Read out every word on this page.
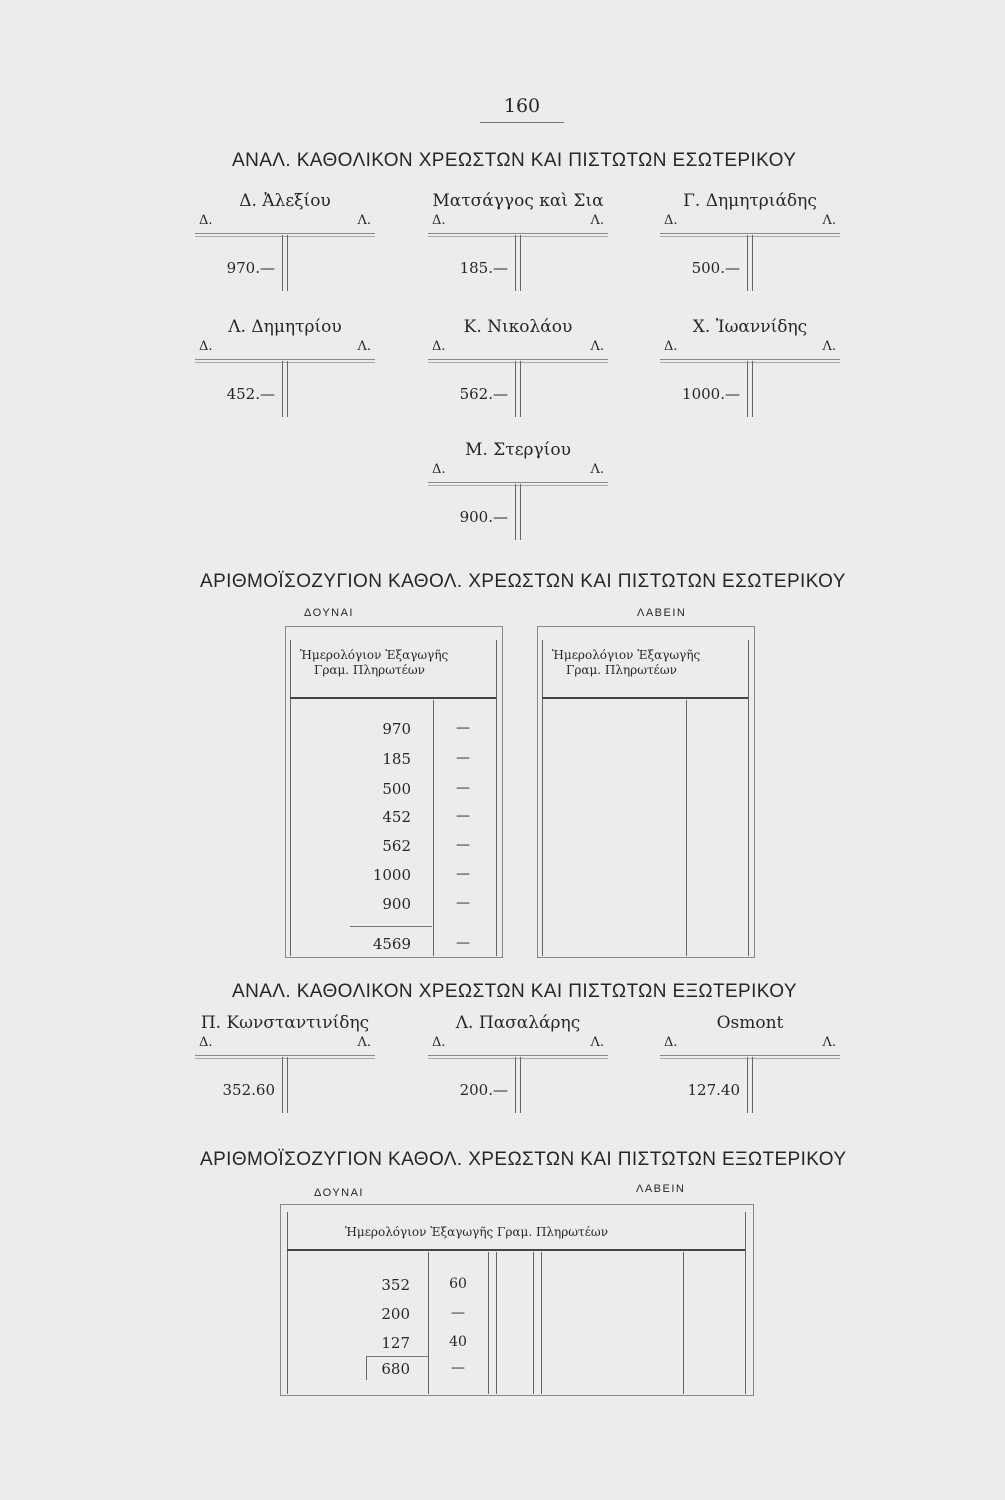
160
ΑΝΑΛ. ΚΑΘΟΛΙΚΟΝ ΧΡΕΩΣΤΩΝ ΚΑΙ ΠΙΣΤΩΤΩΝ ΕΣΩΤΕΡΙΚΟΥ
Δ. Ἀλεξίου
Δ.	Λ.
970.—
Ματσάγγος καὶ Σια
Δ.	Λ.
185.—
Γ. Δημητριάδης
Δ.	Λ.
500.—
Λ. Δημητρίου
Δ.	Λ.
452.—
Κ. Νικολάου
Δ.	Λ.
562.—
Χ. Ἰωαννίδης
Δ.	Λ.
1000.—
Μ. Στεργίου
Δ.	Λ.
900.—
ΑΡΙΘΜΟΪΣΟΖΥΓΙΟΝ ΚΑΘΟΛ. ΧΡΕΩΣΤΩΝ ΚΑΙ ΠΙΣΤΩΤΩΝ ΕΣΩΤΕΡΙΚΟΥ
ΔΟΥΝΑΙ	ΛΑΒΕΙΝ
Ἡμερολόγιον Ἐξαγωγῆς
Γραμ. Πληρωτέων
Ἡμερολόγιον Ἐξαγωγῆς
Γραμ. Πληρωτέων
970	—
185	—
500	—
452	—
562	—
1000	—
900	—
4569	—
ΑΝΑΛ. ΚΑΘΟΛΙΚΟΝ ΧΡΕΩΣΤΩΝ ΚΑΙ ΠΙΣΤΩΤΩΝ ΕΞΩΤΕΡΙΚΟΥ
Π. Κωνσταντινίδης
Δ.	Λ.
352.60
Λ. Πασαλάρης
Δ.	Λ.
200.—
Osmont
Δ.	Λ.
127.40
ΑΡΙΘΜΟΪΣΟΖΥΓΙΟΝ ΚΑΘΟΛ. ΧΡΕΩΣΤΩΝ ΚΑΙ ΠΙΣΤΩΤΩΝ ΕΞΩΤΕΡΙΚΟΥ
ΔΟΥΝΑΙ	ΛΑΒΕΙΝ
Ἡμερολόγιον Ἐξαγωγῆς Γραμ. Πληρωτέων
352	60
200	—
127	40
680	—
